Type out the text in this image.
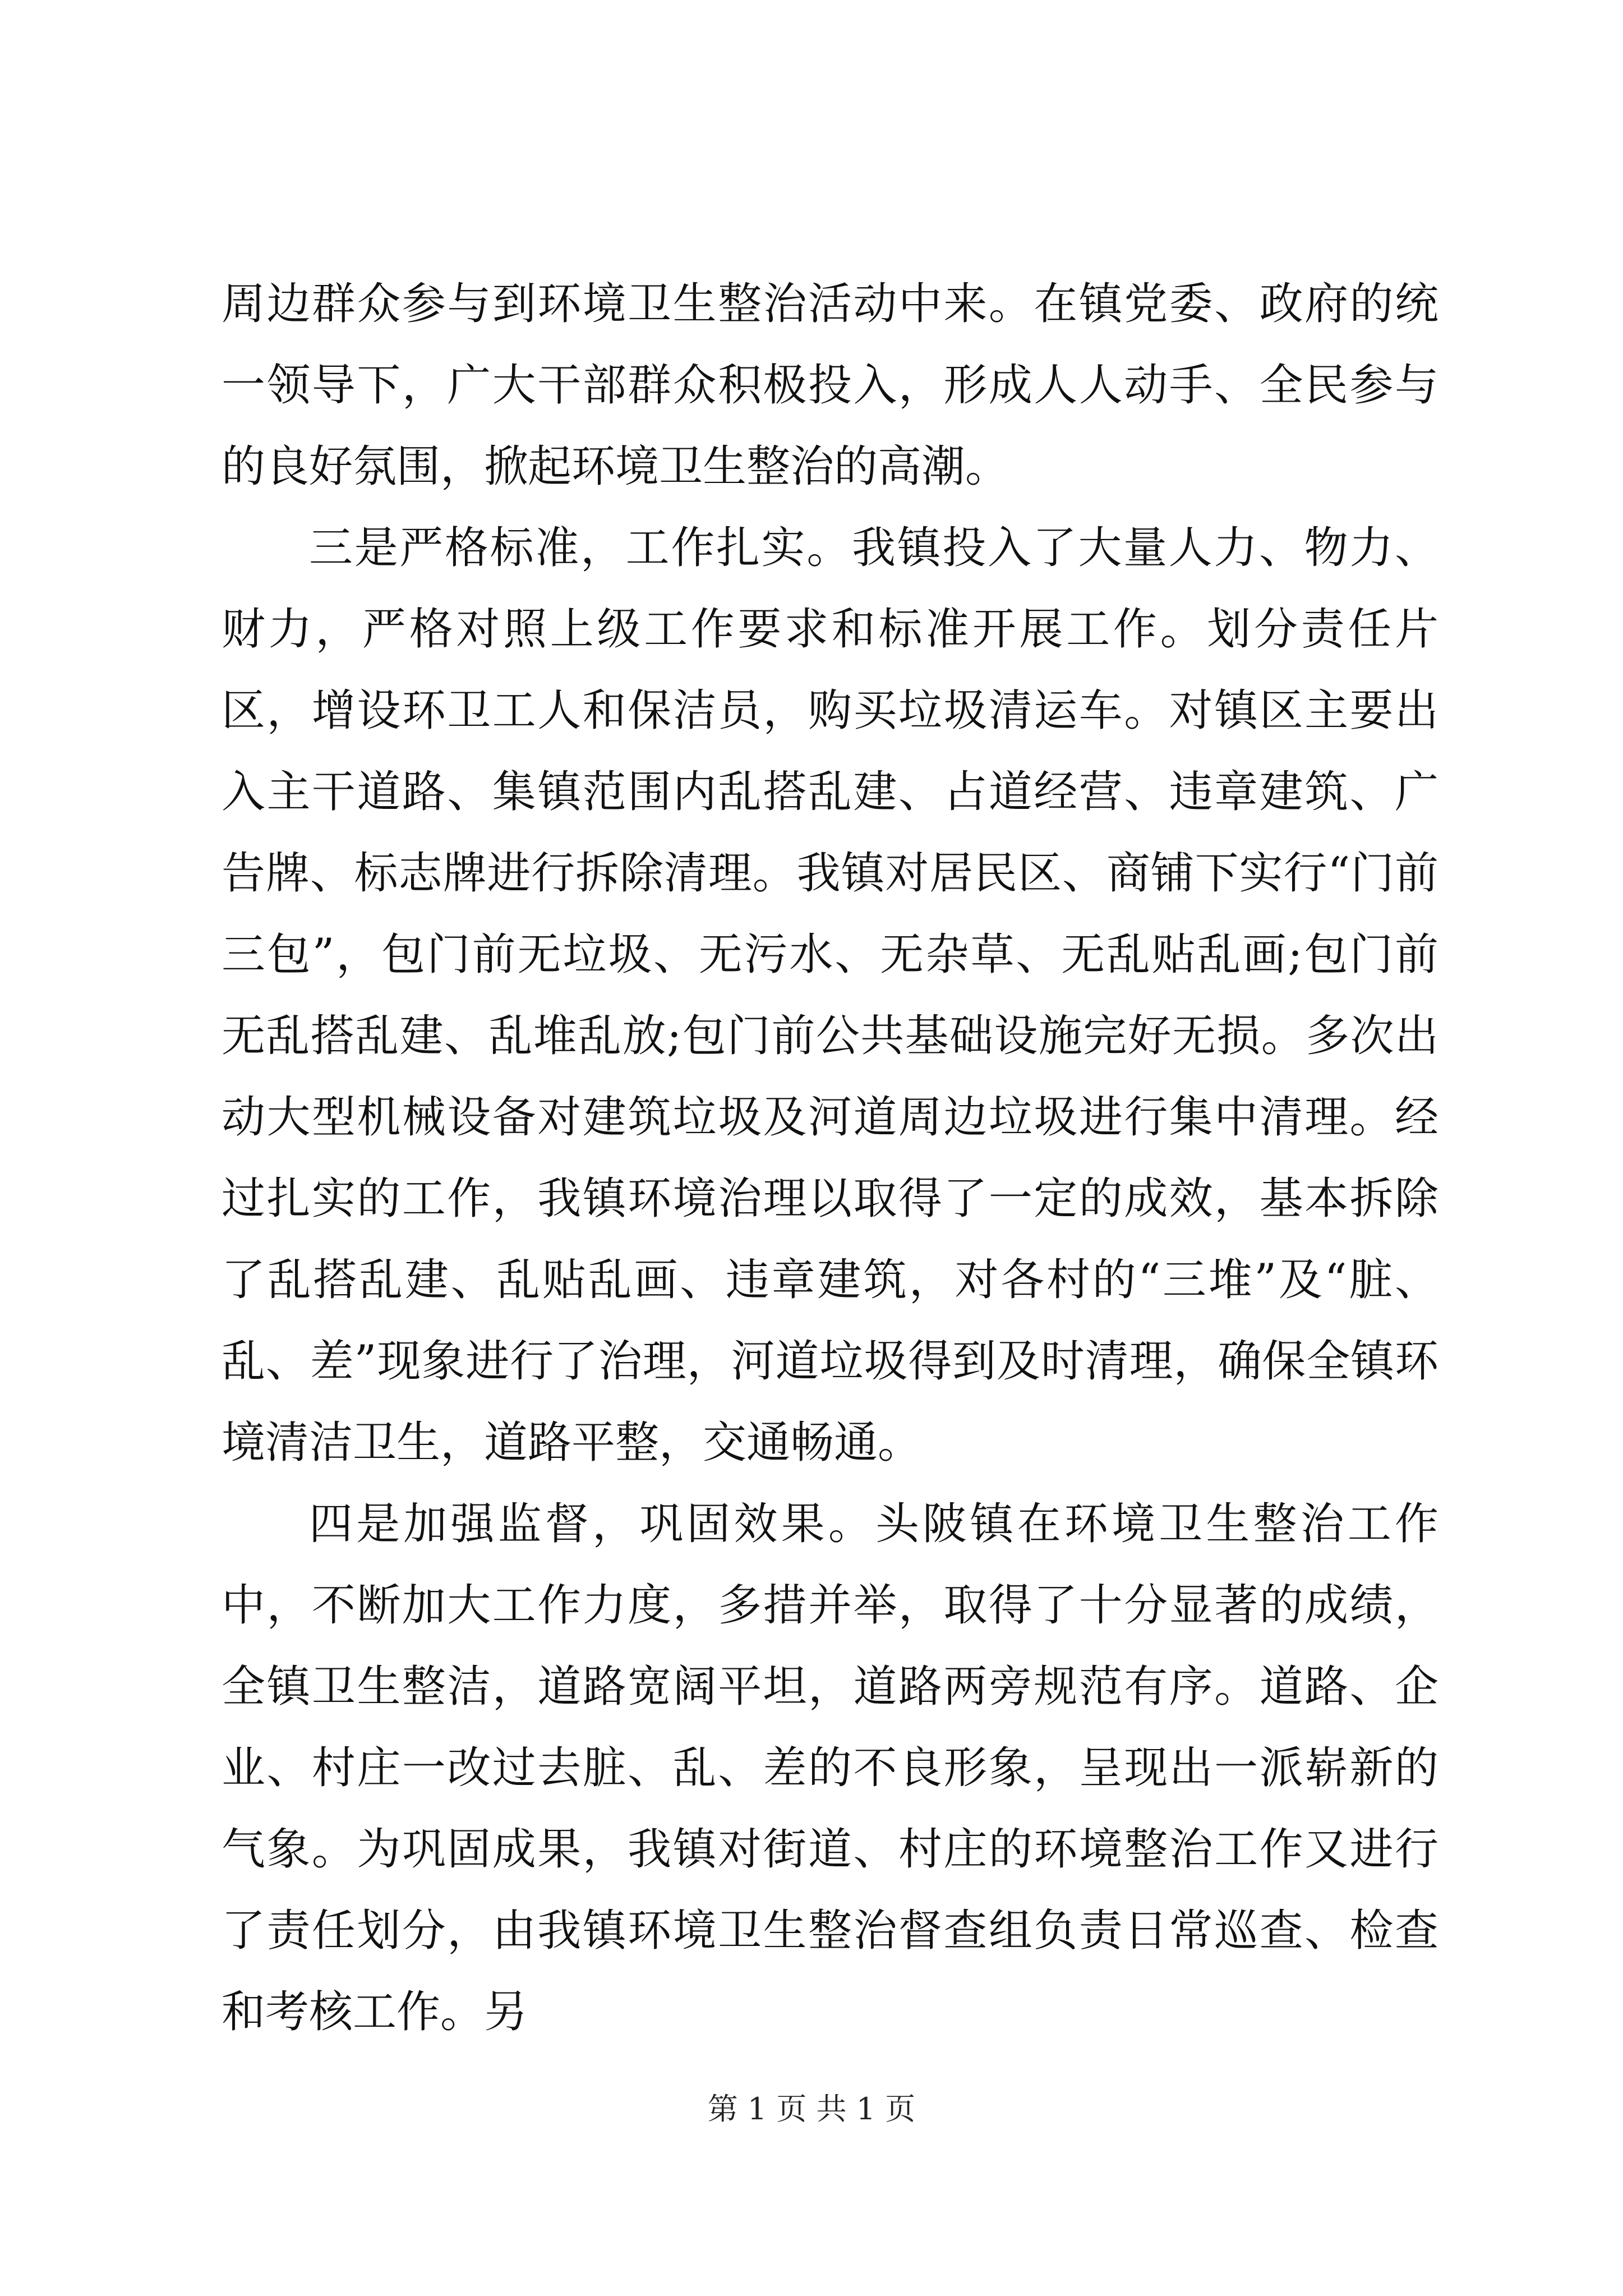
周边群众参与到环境卫生整治活动中来。在镇党委、政府的统一领导下，广大干部群众积极投入，形成人人动手、全民参与的良好氛围，掀起环境卫生整治的高潮。

三是严格标准，工作扎实。我镇投入了大量人力、物力、财力，严格对照上级工作要求和标准开展工作。划分责任片区，增设环卫工人和保洁员，购买垃圾清运车。对镇区主要出入主干道路、集镇范围内乱搭乱建、占道经营、违章建筑、广告牌、标志牌进行拆除清理。我镇对居民区、商铺下实行“门前三包”，包门前无垃圾、无污水、无杂草、无乱贴乱画;包门前无乱搭乱建、乱堆乱放;包门前公共基础设施完好无损。多次出动大型机械设备对建筑垃圾及河道周边垃圾进行集中清理。经过扎实的工作，我镇环境治理以取得了一定的成效，基本拆除了乱搭乱建、乱贴乱画、违章建筑，对各村的“三堆”及“脏、乱、差”现象进行了治理，河道垃圾得到及时清理，确保全镇环境清洁卫生，道路平整，交通畅通。

四是加强监督，巩固效果。头陂镇在环境卫生整治工作中，不断加大工作力度，多措并举，取得了十分显著的成绩，全镇卫生整洁，道路宽阔平坦，道路两旁规范有序。道路、企业、村庄一改过去脏、乱、差的不良形象，呈现出一派崭新的气象。为巩固成果，我镇对街道、村庄的环境整治工作又进行了责任划分，由我镇环境卫生整治督查组负责日常巡查、检查和考核工作。另

第 1 页 共 1 页
